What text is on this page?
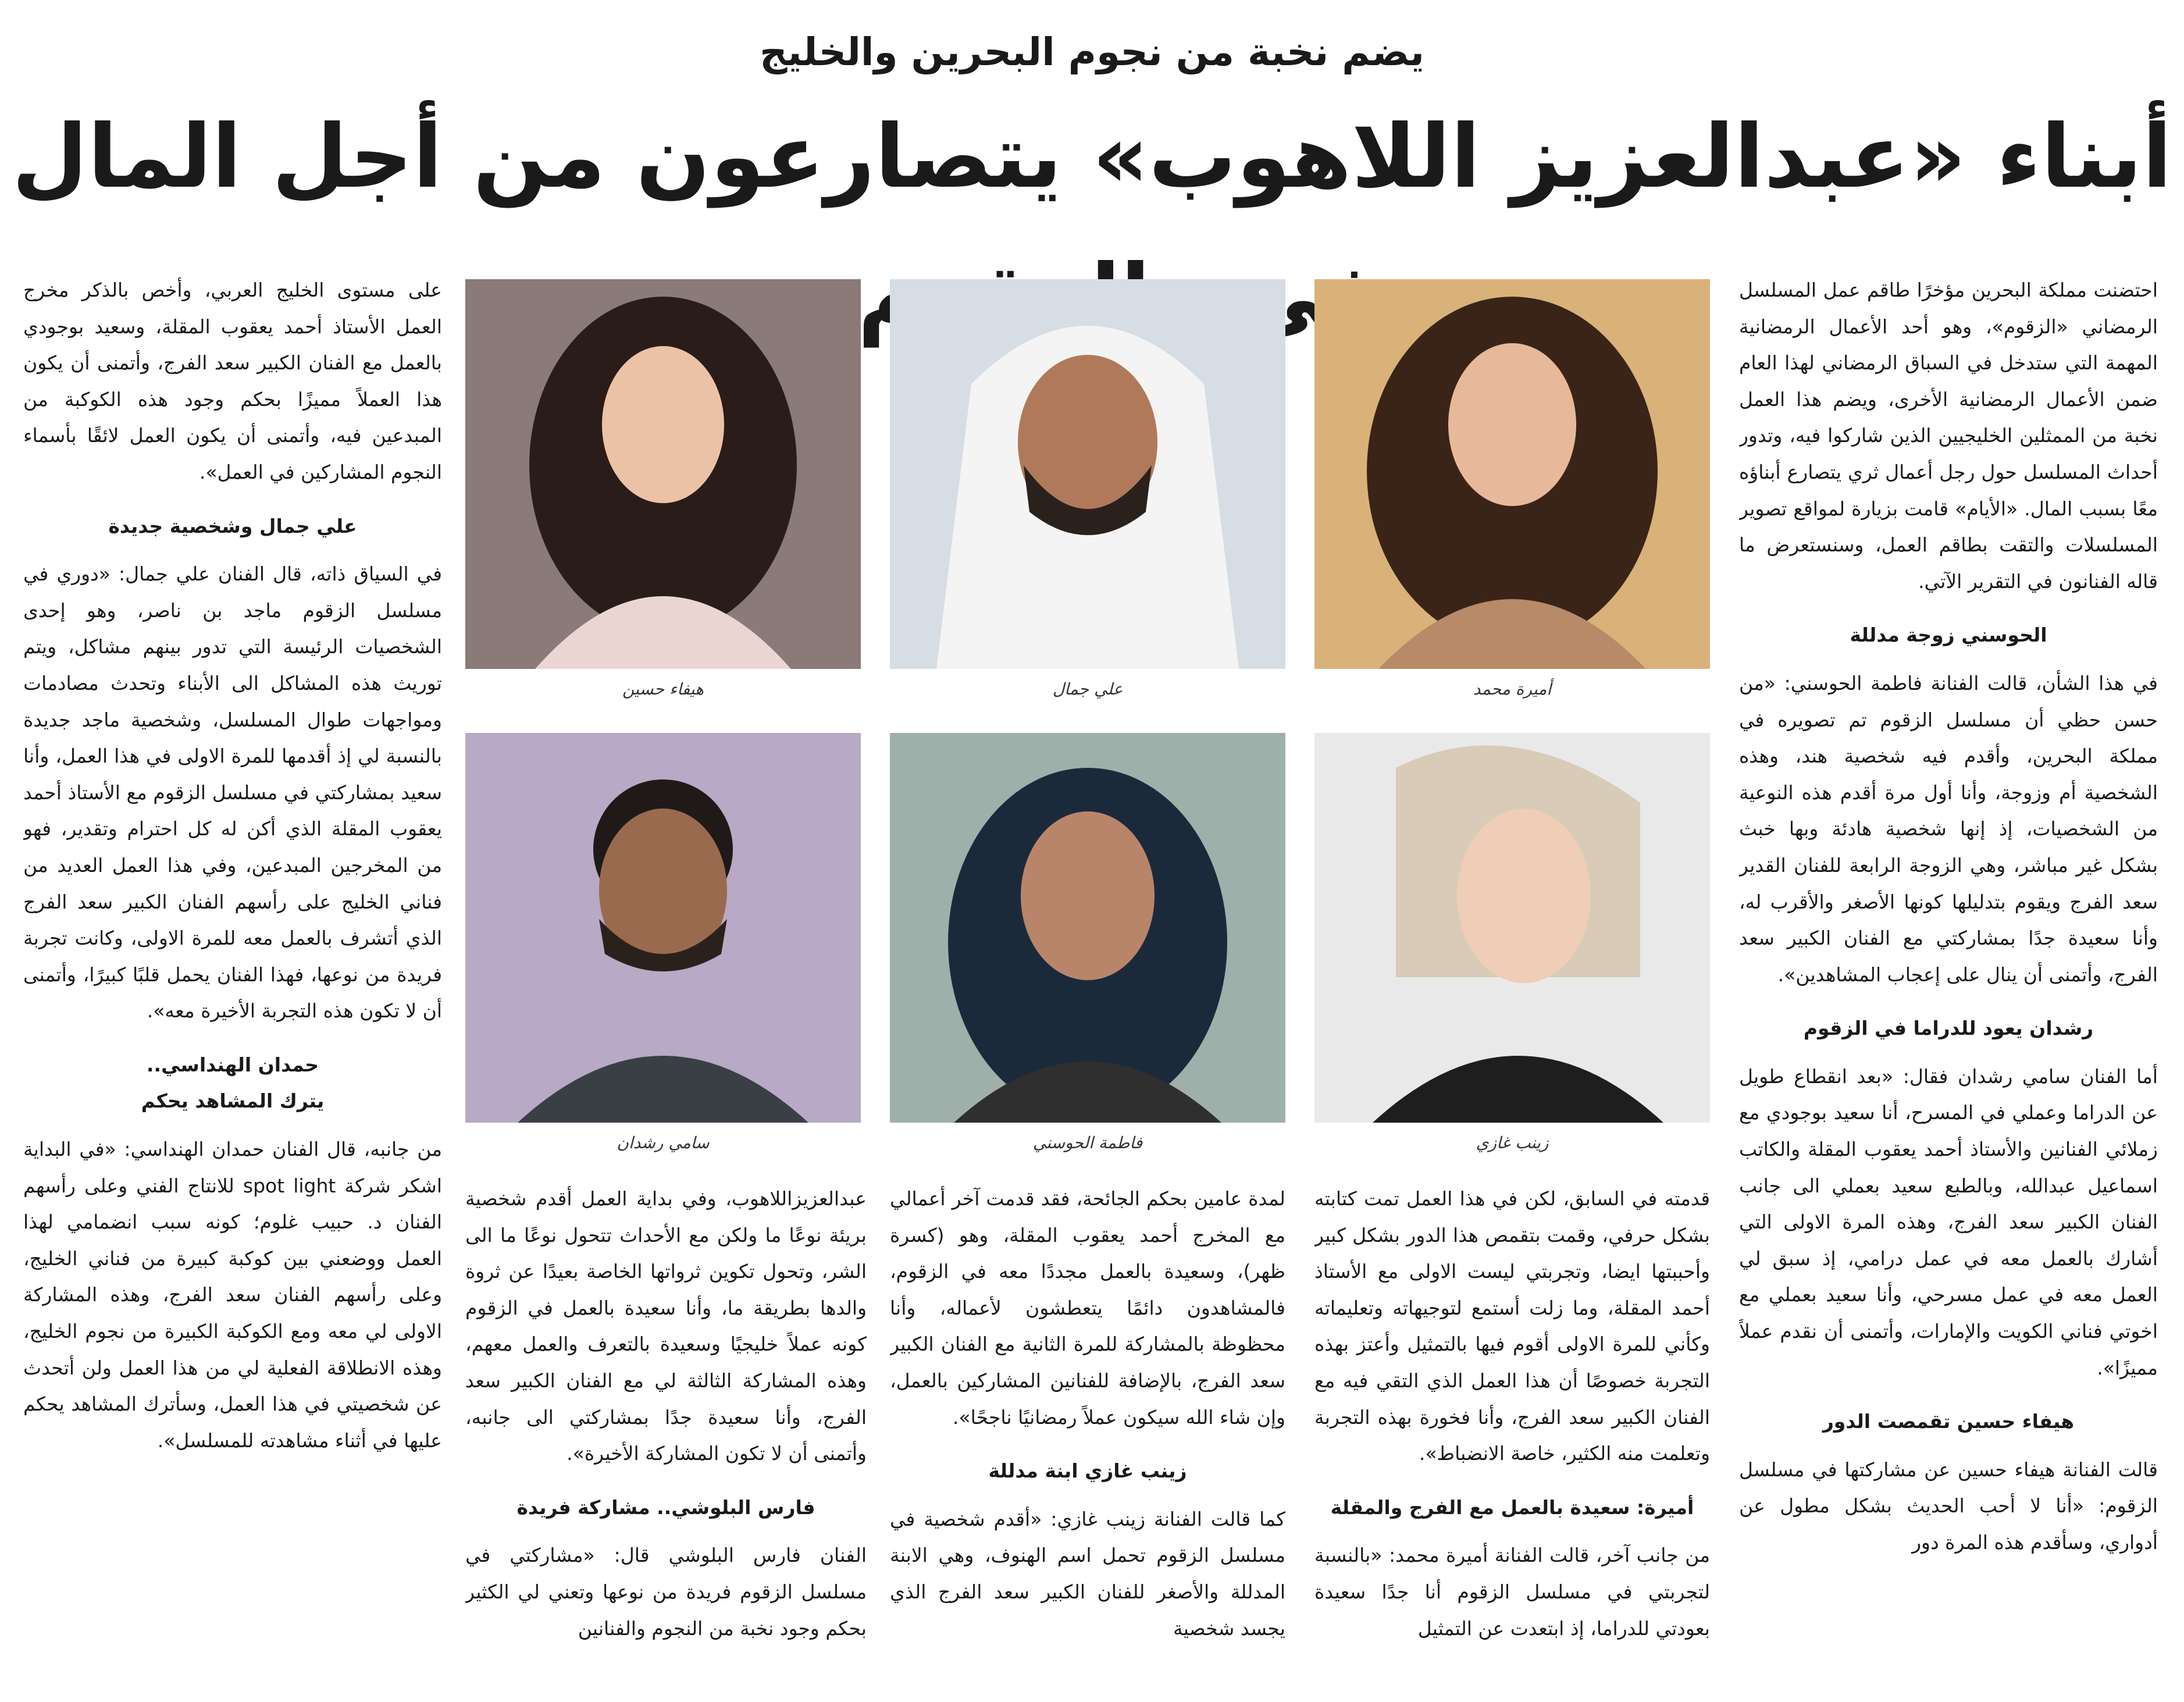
يضم نخبة من نجوم البحرين والخليج
أبناء «عبدالعزيز اللاهوب» يتصارعون من أجل المال في	احتضنت مملكة البحرين مؤخرًا طاقم عمل المسلسل الرمضاني «الزقوم»، وهو أحد الأعمال الرمضانية المهمة التي ستدخل في السباق الرمضاني لهذا العام ضمن الأعمال الرمضانية الأخرى، ويضم هذا العمل نخبة من الممثلين الخليجيين الذين شاركوا فيه، وتدور أحداث المسلسل حول رجل أعمال ثري يتصارع أبناؤه معًا بسبب المال. «الأيام» قامت بزيارة لمواقع تصوير المسلسلات والتقت بطاقم العمل، وسنستعرض ما قاله الفنانون في التقرير الآتي.

الحوسني زوجة مدللة

في هذا الشأن، قالت الفنانة فاطمة الحوسني: «من حسن حظي أن مسلسل الزقوم تم تصويره في مملكة البحرين، وأقدم فيه شخصية هند، وهذه الشخصية أم وزوجة، وأنا أول مرة أقدم هذه النوعية من الشخصيات، إذ إنها شخصية هادئة وبها خبث بشكل غير مباشر، وهي الزوجة الرابعة للفنان القدير سعد الفرج ويقوم بتدليلها كونها الأصغر والأقرب له، وأنا سعيدة جدًا بمشاركتي مع الفنان الكبير سعد الفرج، وأتمنى أن ينال على إعجاب المشاهدين».

رشدان يعود للدراما في الزقوم

أما الفنان سامي رشدان فقال: «بعد انقطاع طويل عن الدراما وعملي في المسرح، أنا سعيد بوجودي مع زملائي الفنانين والأستاذ أحمد يعقوب المقلة والكاتب اسماعيل عبدالله، وبالطبع سعيد بعملي الى جانب الفنان الكبير سعد الفرج، وهذه المرة الاولى التي أشارك بالعمل معه في عمل درامي، إذ سبق لي العمل معه في عمل مسرحي، وأنا سعيد بعملي مع اخوتي فناني الكويت والإمارات، وأتمنى أن نقدم عملاً مميزًا».

هيفاء حسين تقمصت الدور

قالت الفنانة هيفاء حسين عن مشاركتها في مسلسل الزقوم: «أنا لا أحب الحديث بشكل مطول عن أدواري، وسأقدم هذه المرة دور

أميرة محمد
علي جمال
هيفاء حسين
زينب غازي
فاطمة الحوسني
سامي رشدان

قدمته في السابق، لكن في هذا العمل تمت كتابته بشكل حرفي، وقمت بتقمص هذا الدور بشكل كبير وأحببتها ايضا، وتجربتي ليست الاولى مع الأستاذ أحمد المقلة، وما زلت أستمع لتوجيهاته وتعليماته وكأني للمرة الاولى أقوم فيها بالتمثيل وأعتز بهذه التجربة خصوصًا أن هذا العمل الذي التقي فيه مع الفنان الكبير سعد الفرج، وأنا فخورة بهذه التجربة وتعلمت منه الكثير، خاصة الانضباط».

أميرة: سعيدة بالعمل مع الفرج والمقلة

من جانب آخر، قالت الفنانة أميرة محمد: «بالنسبة لتجربتي في مسلسل الزقوم أنا جدًا سعيدة بعودتي للدراما، إذ ابتعدت عن التمثيل

لمدة عامين بحكم الجائحة، فقد قدمت آخر أعمالي مع المخرج أحمد يعقوب المقلة، وهو (كسرة ظهر)، وسعيدة بالعمل مجددًا معه في الزقوم، فالمشاهدون دائمًا يتعطشون لأعماله، وأنا محظوظة بالمشاركة للمرة الثانية مع الفنان الكبير سعد الفرج، بالإضافة للفنانين المشاركين بالعمل، وإن شاء الله سيكون عملاً رمضانيًا ناجحًا».

زينب غازي ابنة مدللة

كما قالت الفنانة زينب غازي: «أقدم شخصية في مسلسل الزقوم تحمل اسم الهنوف، وهي الابنة المدللة والأصغر للفنان الكبير سعد الفرج الذي يجسد شخصية

عبدالعزيزاللاهوب، وفي بداية العمل أقدم شخصية بريئة نوعًا ما ولكن مع الأحداث تتحول نوعًا ما الى الشر، وتحول تكوين ثرواتها الخاصة بعيدًا عن ثروة والدها بطريقة ما، وأنا سعيدة بالعمل في الزقوم كونه عملاً خليجيًا وسعيدة بالتعرف والعمل معهم، وهذه المشاركة الثالثة لي مع الفنان الكبير سعد الفرج، وأنا سعيدة جدًا بمشاركتي الى جانبه، وأتمنى أن لا تكون المشاركة الأخيرة».

فارس البلوشي.. مشاركة فريدة

الفنان فارس البلوشي قال: «مشاركتي في مسلسل الزقوم فريدة من نوعها وتعني لي الكثير بحكم وجود نخبة من النجوم والفنانين

على مستوى الخليج العربي، وأخص بالذكر مخرج العمل الأستاذ أحمد يعقوب المقلة، وسعيد بوجودي بالعمل مع الفنان الكبير سعد الفرج، وأتمنى أن يكون هذا العملاً مميزًا بحكم وجود هذه الكوكبة من المبدعين فيه، وأتمنى أن يكون العمل لائقًا بأسماء النجوم المشاركين في العمل».

علي جمال وشخصية جديدة

في السياق ذاته، قال الفنان علي جمال: «دوري في مسلسل الزقوم ماجد بن ناصر، وهو إحدى الشخصيات الرئيسة التي تدور بينهم مشاكل، ويتم توريث هذه المشاكل الى الأبناء وتحدث مصادمات ومواجهات طوال المسلسل، وشخصية ماجد جديدة بالنسبة لي إذ أقدمها للمرة الاولى في هذا العمل، وأنا سعيد بمشاركتي في مسلسل الزقوم مع الأستاذ أحمد يعقوب المقلة الذي أكن له كل احترام وتقدير، فهو من المخرجين المبدعين، وفي هذا العمل العديد من فناني الخليج على رأسهم الفنان الكبير سعد الفرج الذي أتشرف بالعمل معه للمرة الاولى، وكانت تجربة فريدة من نوعها، فهذا الفنان يحمل قلبًا كبيرًا، وأتمنى أن لا تكون هذه التجربة الأخيرة معه».

حمدان الهنداسي..

يترك المشاهد يحكم

من جانبه، قال الفنان حمدان الهنداسي: «في البداية اشكر شركة spot light للانتاج الفني وعلى رأسهم الفنان د. حبيب غلوم؛ كونه سبب انضمامي لهذا العمل ووضعني بين كوكبة كبيرة من فناني الخليج، وعلى رأسهم الفنان سعد الفرج، وهذه المشاركة الاولى لي معه ومع الكوكبة الكبيرة من نجوم الخليج، وهذه الانطلاقة الفعلية لي من هذا العمل ولن أتحدث عن شخصيتي في هذا العمل، وسأترك المشاهد يحكم عليها في أثناء مشاهدته للمسلسل».
